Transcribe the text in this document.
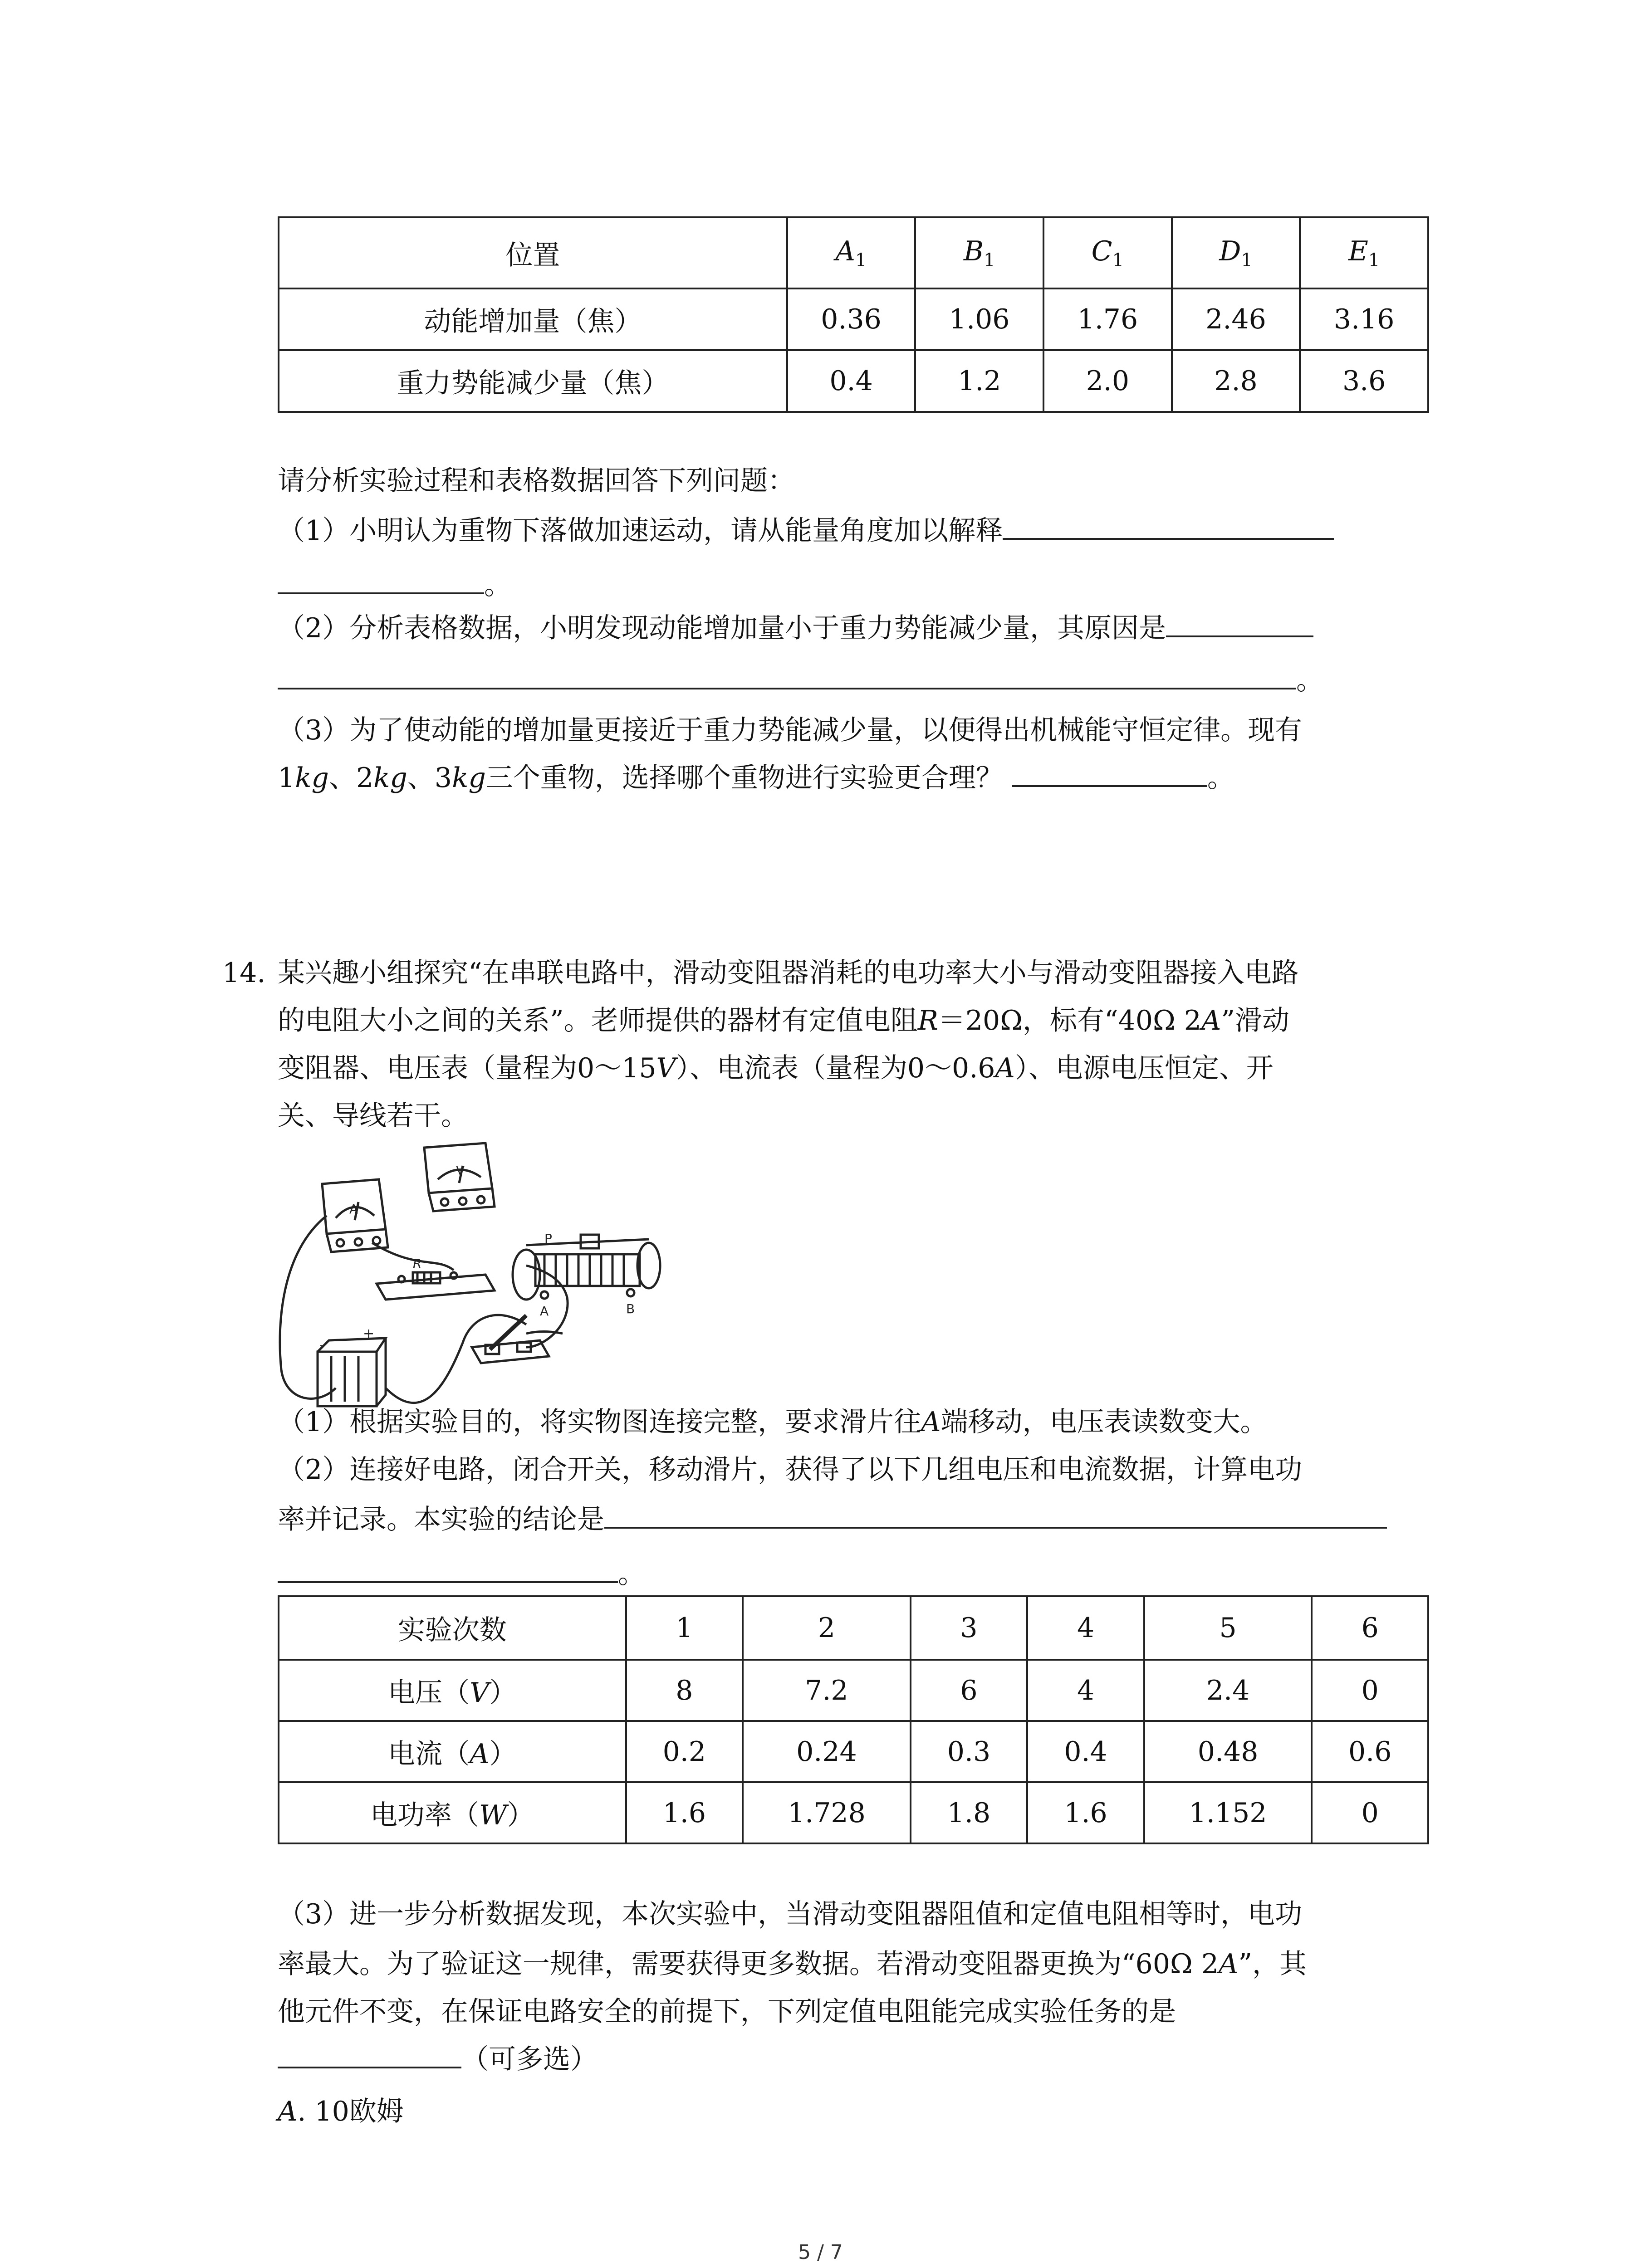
位置	$A_1$	$B_1$	$C_1$	$D_1$	$E_1$
动能增加量（焦）	0.36	1.06	1.76	2.46	3.16
重力势能减少量（焦）	0.4	1.2	2.0	2.8	3.6
请分析实验过程和表格数据回答下列问题：
（1）小明认为重物下落做加速运动，请从能量角度加以解释
。
（2）分析表格数据，小明发现动能增加量小于重力势能减少量，其原因是
。
（3）为了使动能的增加量更接近于重力势能减少量，以便得出机械能守恒定律。现有
1kg、2kg、3kg三个重物，选择哪个重物进行实验更合理？	。
14. 某兴趣小组探究“在串联电路中，滑动变阻器消耗的电功率大小与滑动变阻器接入电路
的电阻大小之间的关系”。老师提供的器材有定值电阻R＝20Ω，标有“40Ω 2A”滑动
变阻器、电压表（量程为0～15V）、电流表（量程为0～0.6A）、电源电压恒定、开
关、导线若干。
A
V
R
P
A	B
-
+
（1）根据实验目的，将实物图连接完整，要求滑片往A端移动，电压表读数变大。
（2）连接好电路，闭合开关，移动滑片，获得了以下几组电压和电流数据，计算电功
率并记录。本实验的结论是
。
实验次数	1	2	3	4	5	6
电压（V）	8	7.2	6	4	2.4	0
电流（A）	0.2	0.24	0.3	0.4	0.48	0.6
电功率（W）	1.6	1.728	1.8	1.6	1.152	0
（3）进一步分析数据发现，本次实验中，当滑动变阻器阻值和定值电阻相等时，电功
率最大。为了验证这一规律，需要获得更多数据。若滑动变阻器更换为“60Ω 2A”，其
他元件不变，在保证电路安全的前提下，下列定值电阻能完成实验任务的是
（可多选）
A. 10欧姆
5 / 7
